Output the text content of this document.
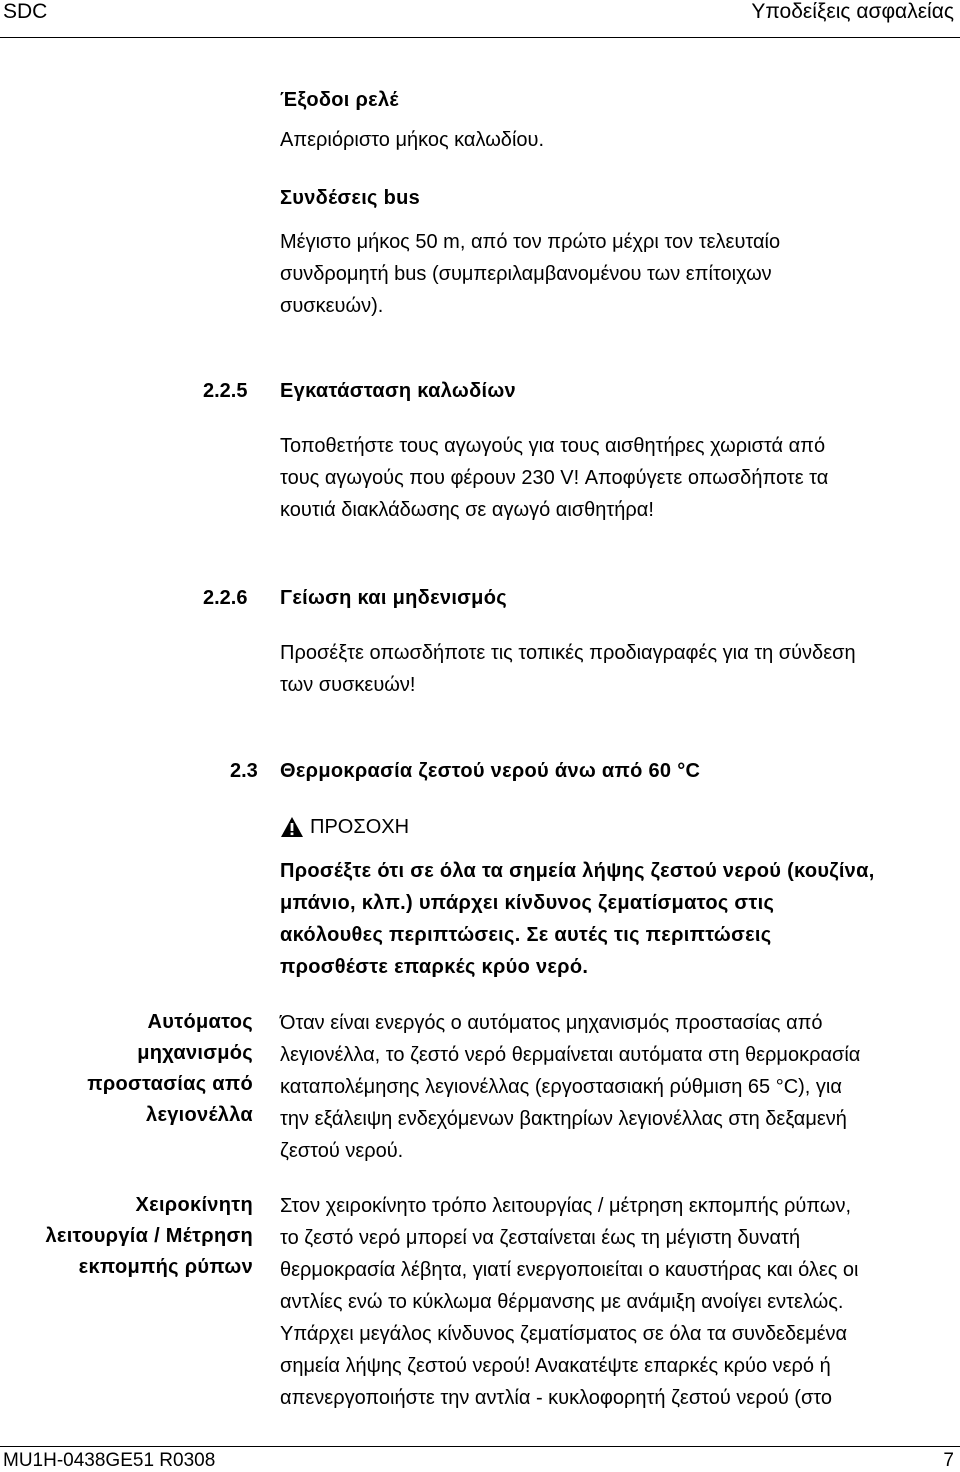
SDC	Υποδείξεις ασφαλείας
Έξοδοι ρελέ
Απεριόριστο μήκος καλωδίου.
Συνδέσεις bus
Μέγιστο μήκος 50 m, από τον πρώτο μέχρι τον τελευταίο
συνδρομητή bus (συμπεριλαμβανομένου των επίτοιχων
συσκευών).
2.2.5 Εγκατάσταση καλωδίων
Τοποθετήστε τους αγωγούς για τους αισθητήρες χωριστά από
τους αγωγούς που φέρουν 230 V! Αποφύγετε οπωσδήποτε τα
κουτιά διακλάδωσης σε αγωγό αισθητήρα!
2.2.6 Γείωση και μηδενισμός
Προσέξτε οπωσδήποτε τις τοπικές προδιαγραφές για τη σύνδεση
των συσκευών!
2.3 Θερμοκρασία ζεστού νερού άνω από 60 °C
ΠΡΟΣΟΧΗ
Προσέξτε ότι σε όλα τα σημεία λήψης ζεστού νερού (κουζίνα,
μπάνιο, κλπ.) υπάρχει κίνδυνος ζεματίσματος στις
ακόλουθες περιπτώσεις. Σε αυτές τις περιπτώσεις
προσθέστε επαρκές κρύο νερό.
Αυτόματος
μηχανισμός
προστασίας από
λεγιονέλλα
Όταν είναι ενεργός ο αυτόματος μηχανισμός προστασίας από
λεγιονέλλα, το ζεστό νερό θερμαίνεται αυτόματα στη θερμοκρασία
καταπολέμησης λεγιονέλλας (εργοστασιακή ρύθμιση 65 °C), για
την εξάλειψη ενδεχόμενων βακτηρίων λεγιονέλλας στη δεξαμενή
ζεστού νερού.
Χειροκίνητη
λειτουργία / Μέτρηση
εκπομπής ρύπων
Στον χειροκίνητο τρόπο λειτουργίας / μέτρηση εκπομπής ρύπων,
το ζεστό νερό μπορεί να ζεσταίνεται έως τη μέγιστη δυνατή
θερμοκρασία λέβητα, γιατί ενεργοποιείται ο καυστήρας και όλες οι
αντλίες ενώ το κύκλωμα θέρμανσης με ανάμιξη ανοίγει εντελώς.
Υπάρχει μεγάλος κίνδυνος ζεματίσματος σε όλα τα συνδεδεμένα
σημεία λήψης ζεστού νερού! Ανακατέψτε επαρκές κρύο νερό ή
απενεργοποιήστε την αντλία - κυκλοφορητή ζεστού νερού (στο
MU1H-0438GE51 R0308	7
